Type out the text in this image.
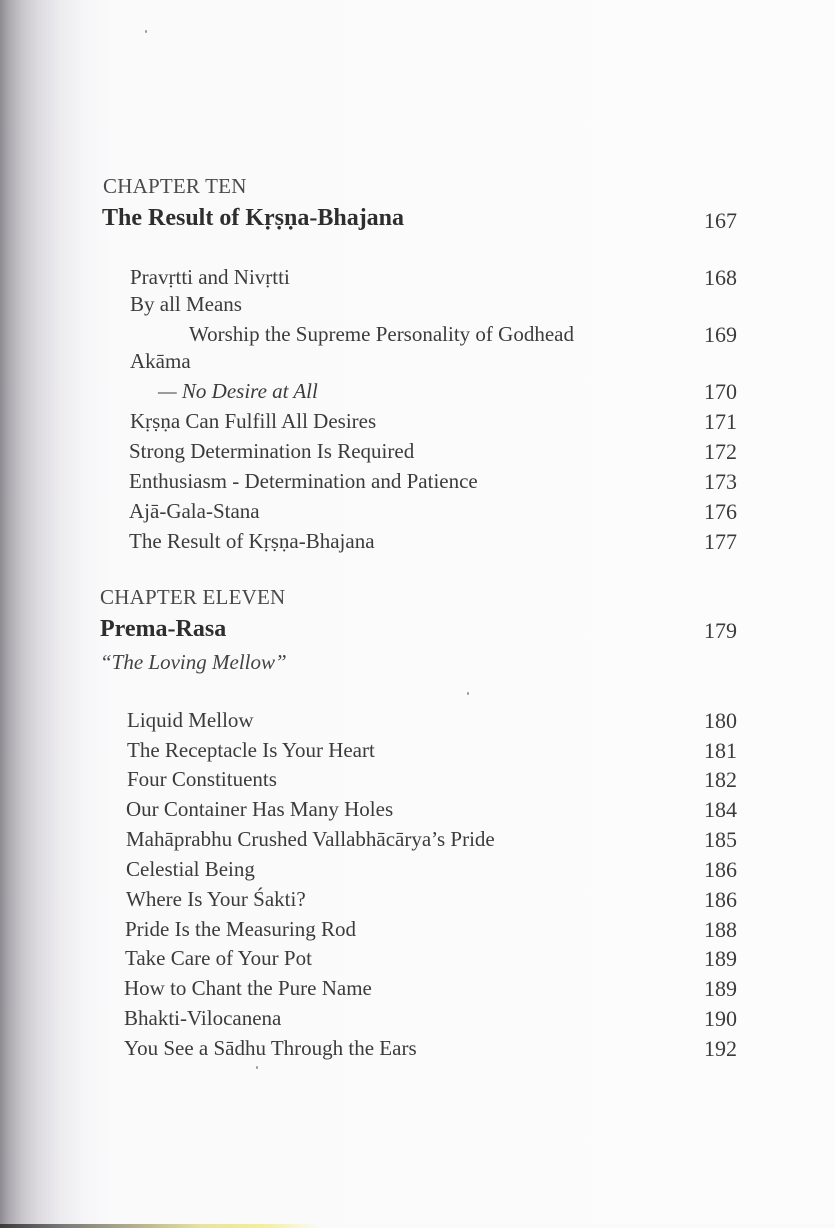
CHAPTER TEN
The Result of Kṛṣṇa-Bhajana	167
Pravṛtti and Nivṛtti	168
By all Means
Worship the Supreme Personality of Godhead	169
Akāma
— No Desire at All	170
Kṛṣṇa Can Fulfill All Desires	171
Strong Determination Is Required	172
Enthusiasm - Determination and Patience	173
Ajā-Gala-Stana	176
The Result of Kṛṣṇa-Bhajana	177
CHAPTER ELEVEN
Prema-Rasa	179
“The Loving Mellow”
Liquid Mellow	180
The Receptacle Is Your Heart	181
Four Constituents	182
Our Container Has Many Holes	184
Mahāprabhu Crushed Vallabhācārya’s Pride	185
Celestial Being	186
Where Is Your Śakti?	186
Pride Is the Measuring Rod	188
Take Care of Your Pot	189
How to Chant the Pure Name	189
Bhakti-Vilocanena	190
You See a Sādhu Through the Ears	192
